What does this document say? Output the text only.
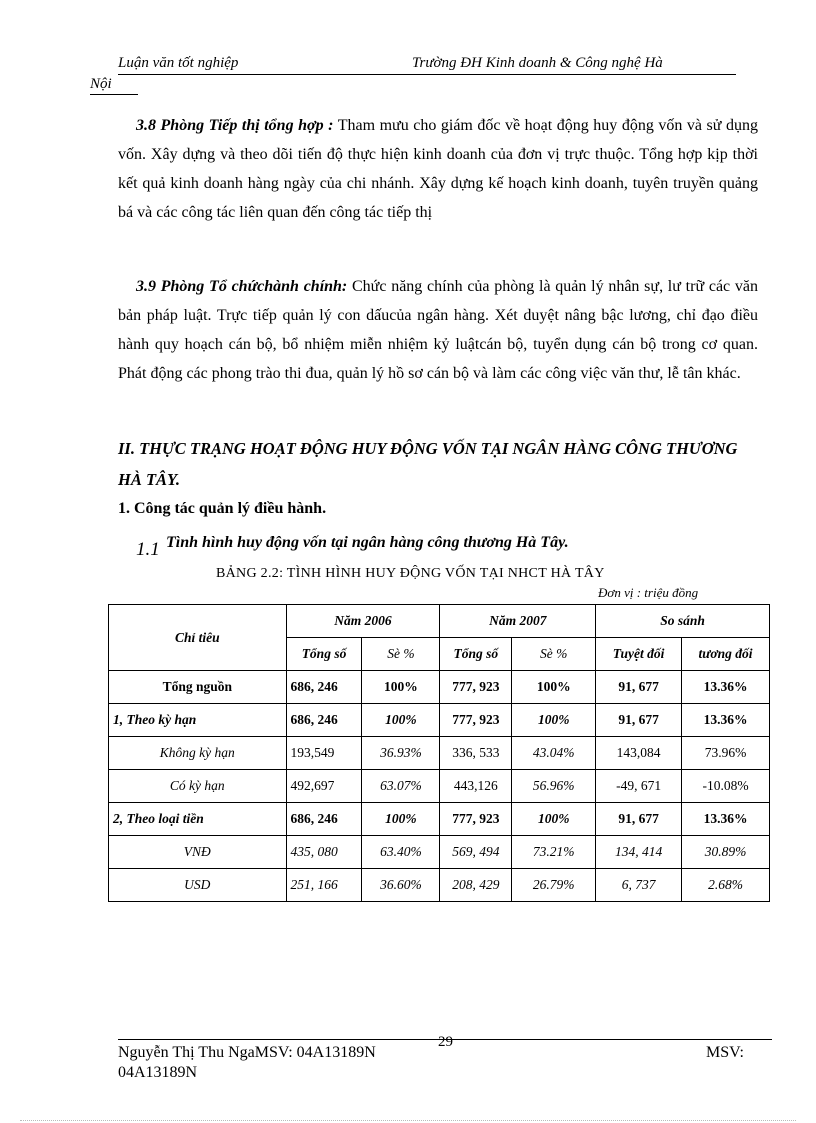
Luận văn tốt nghiệp	Trường ĐH Kinh doanh & Công nghệ Hà
Nội
3.8 Phòng Tiếp thị tổng hợp : Tham mưu cho giám đốc về hoạt động huy động vốn và sử dụng vốn. Xây dựng và theo dõi tiến độ thực hiện kinh doanh của đơn vị trực thuộc. Tổng hợp kịp thời kết quả kinh doanh hàng ngày của chi nhánh. Xây dựng kế hoạch kinh doanh, tuyên truyền quảng bá và các công tác liên quan đến công tác tiếp thị
3.9 Phòng Tổ chứchành chính: Chức năng chính của phòng là quản lý nhân sự, lư trữ các văn bản pháp luật. Trực tiếp quản lý con dấucủa ngân hàng. Xét duyệt nâng bậc lương, chỉ đạo điều hành quy hoạch cán bộ, bổ nhiệm miễn nhiệm kỷ luậtcán bộ, tuyển dụng cán bộ trong cơ quan. Phát động các phong trào thi đua, quản lý hồ sơ cán bộ và làm các công việc văn thư, lễ tân khác.
II. THỰC TRẠNG HOẠT ĐỘNG HUY ĐỘNG VỐN TẠI NGÂN HÀNG CÔNG THƯƠNG HÀ TÂY.
1. Công tác quản lý điều hành.
1.1 Tình hình huy động vốn tại ngân hàng công thương Hà Tây.
BẢNG 2.2: TÌNH HÌNH HUY ĐỘNG VỐN TẠI NHCT HÀ TÂY
Đơn vị : triệu đồng
Chỉ tiêu	Năm 2006		Năm 2007		So sánh	
	Tổng số	Sè %	Tổng số	Sè %	Tuyệt đối	tương đối
Tổng nguồn	686, 246	100%	777, 923	100%	91, 677	13.36%
1, Theo kỳ hạn	686, 246	100%	777, 923	100%	91, 677	13.36%
Không kỳ hạn	193,549	36.93%	336, 533	43.04%	143,084	73.96%
Có kỳ hạn	492,697	63.07%	443,126	56.96%	-49, 671	-10.08%
2, Theo loại tiền	686, 246	100%	777, 923	100%	91, 677	13.36%
VNĐ	435, 080	63.40%	569, 494	73.21%	134, 414	30.89%
USD	251, 166	36.60%	208, 429	26.79%	6, 737	2.68%
29
Nguyễn Thị Thu NgaMSV: 04A13189N	MSV:
04A13189N
